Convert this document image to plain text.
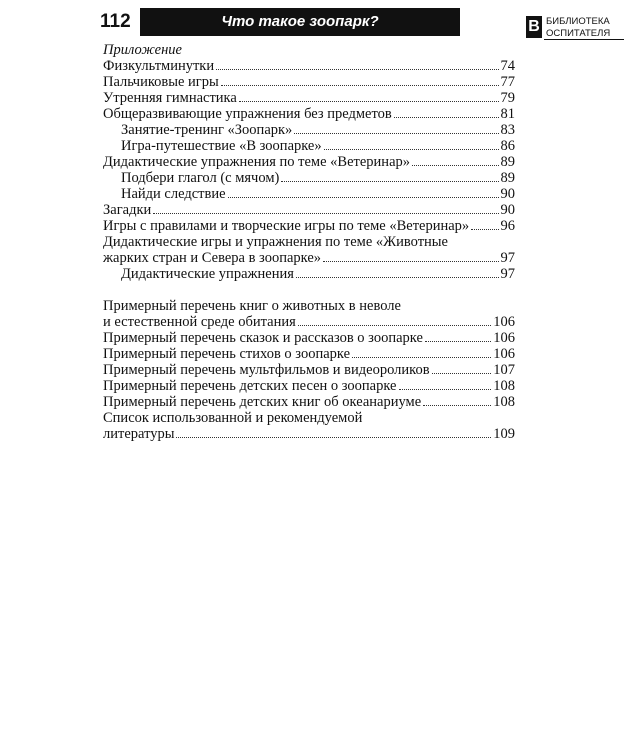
112	Что такое зоопарк?	B БИБЛИОТЕКА
ОСПИТАТЕЛЯ
Приложение
Физкультминутки	74
Пальчиковые игры	77
Утренняя гимнастика	79
Общеразвивающие упражнения без предметов	81
Занятие-тренинг «Зоопарк»	83
Игра-путешествие «В зоопарке»	86
Дидактические упражнения по теме «Ветеринар»	89
Подбери глагол (с мячом)	89
Найди следствие	90
Загадки	90
Игры с правилами и творческие игры по теме «Ветеринар» 96
Дидактические игры и упражнения по теме «Животные
жарких стран и Севера в зоопарке»	97
Дидактические упражнения	97
Примерный перечень книг о животных в неволе
и естественной среде обитания	106
Примерный перечень сказок и рассказов о зоопарке	106
Примерный перечень стихов о зоопарке	106
Примерный перечень мультфильмов и видеороликов	107
Примерный перечень детских песен о зоопарке	108
Примерный перечень детских книг об океанариуме	108
Список использованной и рекомендуемой
литературы	109
